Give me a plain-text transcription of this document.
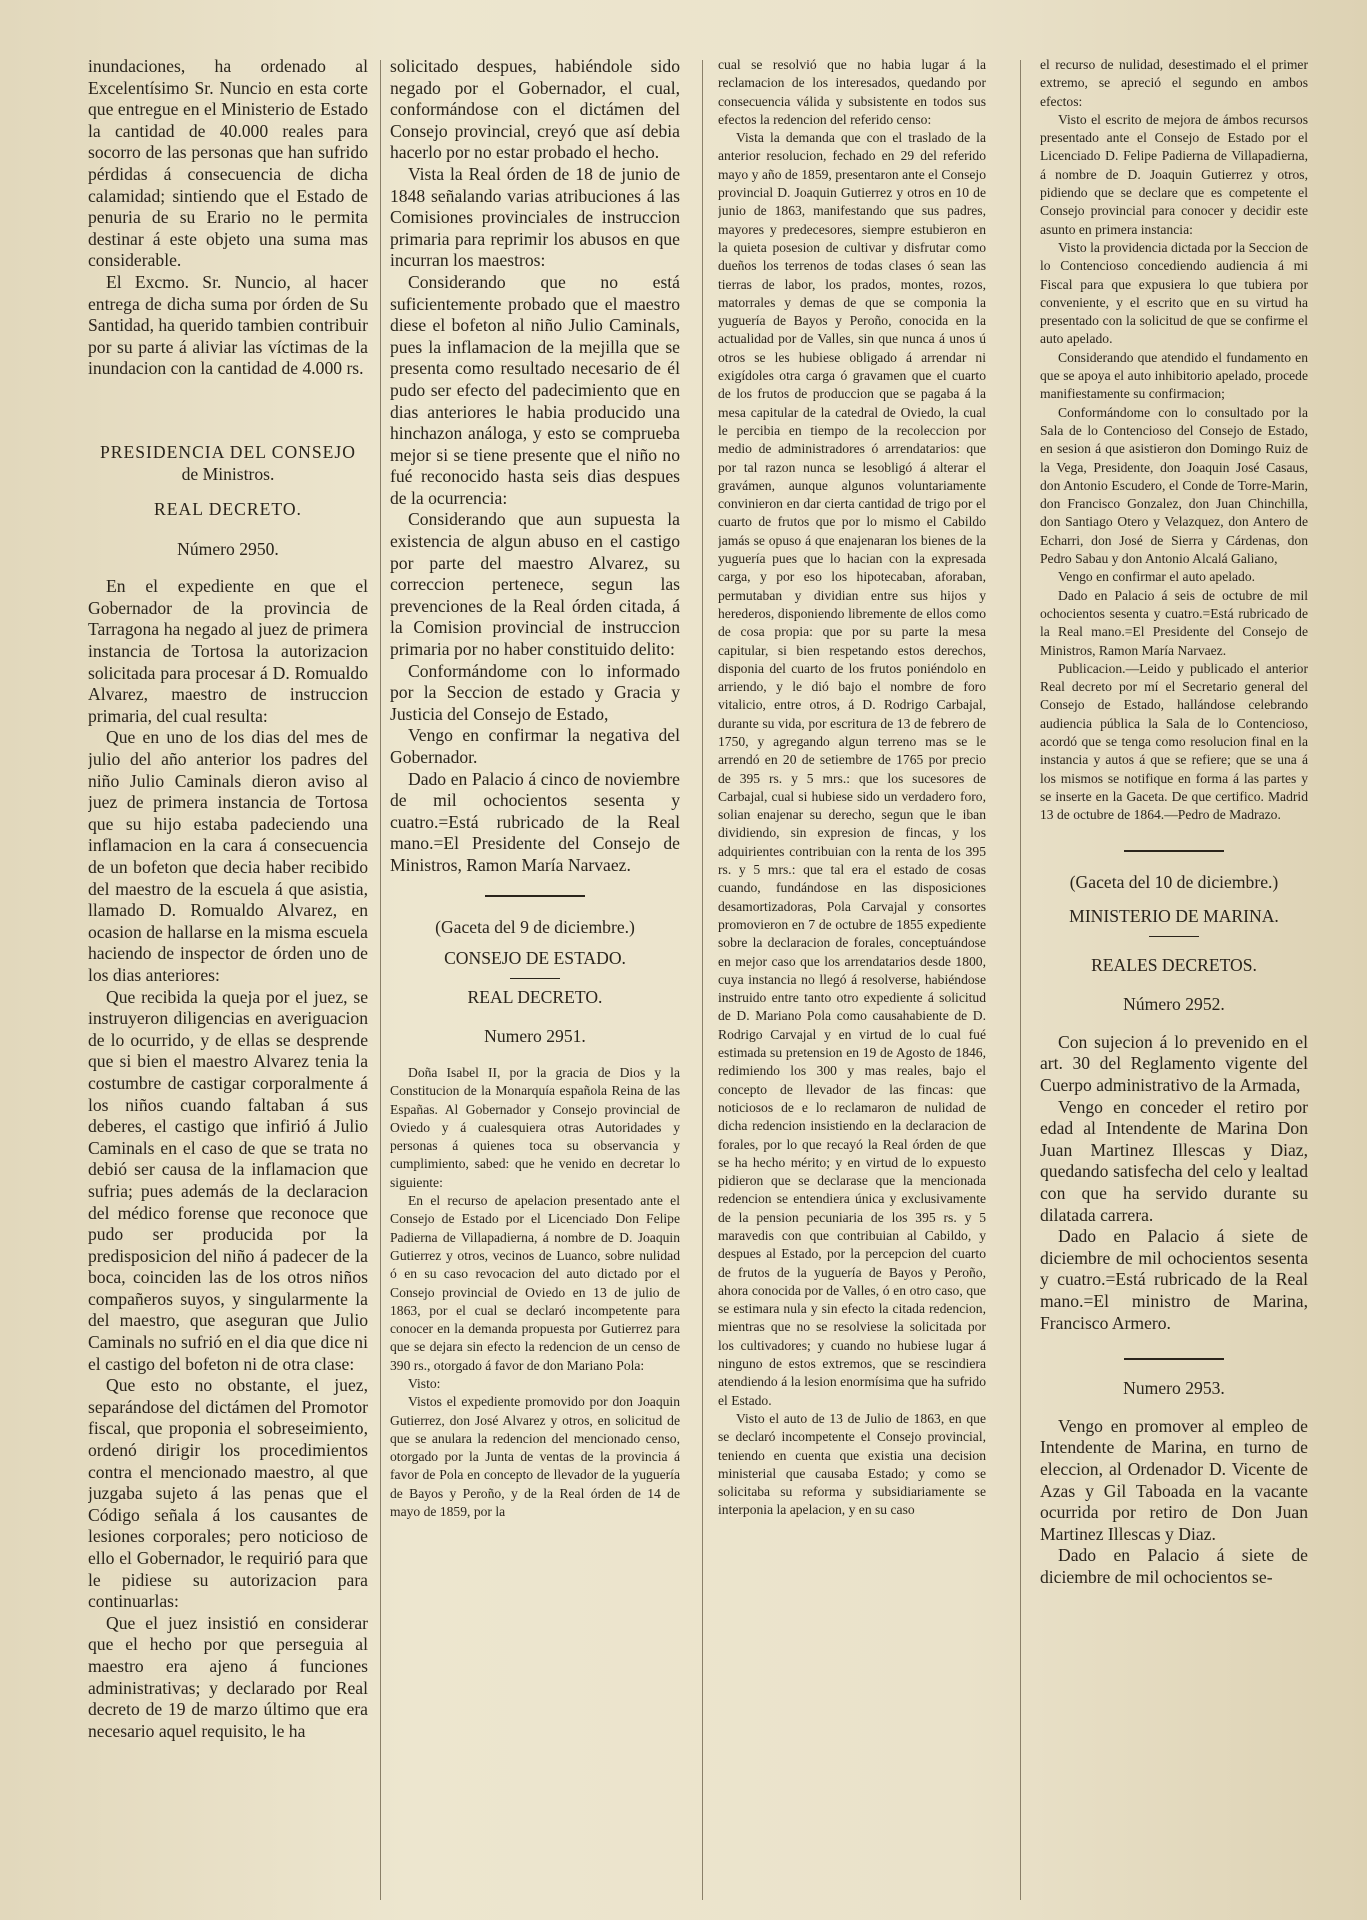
inundaciones, ha ordenado al Excelentísimo Sr. Nuncio en esta corte que entregue en el Ministerio de Estado la cantidad de 40.000 reales para socorro de las personas que han sufrido pérdidas á consecuencia de dicha calamidad; sintiendo que el Estado de penuria de su Erario no le permita destinar á este objeto una suma mas considerable.

El Excmo. Sr. Nuncio, al hacer entrega de dicha suma por órden de Su Santidad, ha querido tambien contribuir por su parte á aliviar las víctimas de la inundacion con la cantidad de 4.000 rs.

PRESIDENCIA DEL CONSEJO
de Ministros.
REAL DECRETO.
Número 2950.

En el expediente en que el Gobernador de la provincia de Tarragona ha negado al juez de primera instancia de Tortosa la autorizacion solicitada para procesar á D. Romualdo Alvarez, maestro de instruccion primaria, del cual resulta:

Que en uno de los dias del mes de julio del año anterior los padres del niño Julio Caminals dieron aviso al juez de primera instancia de Tortosa que su hijo estaba padeciendo una inflamacion en la cara á consecuencia de un bofeton que decia haber recibido del maestro de la escuela á que asistia, llamado D. Romualdo Alvarez, en ocasion de hallarse en la misma escuela haciendo de inspector de órden uno de los dias anteriores:

Que recibida la queja por el juez, se instruyeron diligencias en averiguacion de lo ocurrido, y de ellas se desprende que si bien el maestro Alvarez tenia la costumbre de castigar corporalmente á los niños cuando faltaban á sus deberes, el castigo que infirió á Julio Caminals en el caso de que se trata no debió ser causa de la inflamacion que sufria; pues además de la declaracion del médico forense que reconoce que pudo ser producida por la predisposicion del niño á padecer de la boca, coinciden las de los otros niños compañeros suyos, y singularmente la del maestro, que aseguran que Julio Caminals no sufrió en el dia que dice ni el castigo del bofeton ni de otra clase:

Que esto no obstante, el juez, separándose del dictámen del Promotor fiscal, que proponia el sobreseimiento, ordenó dirigir los procedimientos contra el mencionado maestro, al que juzgaba sujeto á las penas que el Código señala á los causantes de lesiones corporales; pero noticioso de ello el Gobernador, le requirió para que le pidiese su autorizacion para continuarlas:

Que el juez insistió en considerar que el hecho por que perseguia al maestro era ajeno á funciones administrativas; y declarado por Real decreto de 19 de marzo último que era necesario aquel requisito, le ha

solicitado despues, habiéndole sido negado por el Gobernador, el cual, conformándose con el dictámen del Consejo provincial, creyó que así debia hacerlo por no estar probado el hecho.

Vista la Real órden de 18 de junio de 1848 señalando varias atribuciones á las Comisiones provinciales de instruccion primaria para reprimir los abusos en que incurran los maestros:

Considerando que no está suficientemente probado que el maestro diese el bofeton al niño Julio Caminals, pues la inflamacion de la mejilla que se presenta como resultado necesario de él pudo ser efecto del padecimiento que en dias anteriores le habia producido una hinchazon análoga, y esto se comprueba mejor si se tiene presente que el niño no fué reconocido hasta seis dias despues de la ocurrencia:

Considerando que aun supuesta la existencia de algun abuso en el castigo por parte del maestro Alvarez, su correccion pertenece, segun las prevenciones de la Real órden citada, á la Comision provincial de instruccion primaria por no haber constituido delito:

Conformándome con lo informado por la Seccion de estado y Gracia y Justicia del Consejo de Estado,

Vengo en confirmar la negativa del Gobernador.

Dado en Palacio á cinco de noviembre de mil ochocientos sesenta y cuatro.=Está rubricado de la Real mano.=El Presidente del Consejo de Ministros, Ramon María Narvaez.

(Gaceta del 9 de diciembre.)
CONSEJO DE ESTADO.
REAL DECRETO.
Numero 2951.

Doña Isabel II, por la gracia de Dios y la Constitucion de la Monarquía española Reina de las Españas. Al Gobernador y Consejo provincial de Oviedo y á cualesquiera otras Autoridades y personas á quienes toca su observancia y cumplimiento, sabed: que he venido en decretar lo siguiente:

En el recurso de apelacion presentado ante el Consejo de Estado por el Licenciado Don Felipe Padierna de Villapadierna, á nombre de D. Joaquin Gutierrez y otros, vecinos de Luanco, sobre nulidad ó en su caso revocacion del auto dictado por el Consejo provincial de Oviedo en 13 de julio de 1863, por el cual se declaró incompetente para conocer en la demanda propuesta por Gutierrez para que se dejara sin efecto la redencion de un censo de 390 rs., otorgado á favor de don Mariano Pola:

Visto:

Vistos el expediente promovido por don Joaquin Gutierrez, don José Alvarez y otros, en solicitud de que se anulara la redencion del mencionado censo, otorgado por la Junta de ventas de la provincia á favor de Pola en concepto de llevador de la yuguería de Bayos y Peroño, y de la Real órden de 14 de mayo de 1859, por la

cual se resolvió que no habia lugar á la reclamacion de los interesados, quedando por consecuencia válida y subsistente en todos sus efectos la redencion del referido censo:

Vista la demanda que con el traslado de la anterior resolucion, fechado en 29 del referido mayo y año de 1859, presentaron ante el Consejo provincial D. Joaquin Gutierrez y otros en 10 de junio de 1863, manifestando que sus padres, mayores y predecesores, siempre estubieron en la quieta posesion de cultivar y disfrutar como dueños los terrenos de todas clases ó sean las tierras de labor, los prados, montes, rozos, matorrales y demas de que se componia la yuguería de Bayos y Peroño, conocida en la actualidad por de Valles, sin que nunca á unos ú otros se les hubiese obligado á arrendar ni exigídoles otra carga ó gravamen que el cuarto de los frutos de produccion que se pagaba á la mesa capitular de la catedral de Oviedo, la cual le percibia en tiempo de la recoleccion por medio de administradores ó arrendatarios: que por tal razon nunca se lesobligó á alterar el gravámen, aunque algunos voluntariamente convinieron en dar cierta cantidad de trigo por el cuarto de frutos que por lo mismo el Cabildo jamás se opuso á que enajenaran los bienes de la yuguería pues que lo hacian con la expresada carga, y por eso los hipotecaban, aforaban, permutaban y dividian entre sus hijos y herederos, disponiendo libremente de ellos como de cosa propia: que por su parte la mesa capitular, si bien respetando estos derechos, disponia del cuarto de los frutos poniéndolo en arriendo, y le dió bajo el nombre de foro vitalicio, entre otros, á D. Rodrigo Carbajal, durante su vida, por escritura de 13 de febrero de 1750, y agregando algun terreno mas se le arrendó en 20 de setiembre de 1765 por precio de 395 rs. y 5 mrs.: que los sucesores de Carbajal, cual si hubiese sido un verdadero foro, solian enajenar su derecho, segun que le iban dividiendo, sin expresion de fincas, y los adquirientes contribuian con la renta de los 395 rs. y 5 mrs.: que tal era el estado de cosas cuando, fundándose en las disposiciones desamortizadoras, Pola Carvajal y consortes promovieron en 7 de octubre de 1855 expediente sobre la declaracion de forales, conceptuándose en mejor caso que los arrendatarios desde 1800, cuya instancia no llegó á resolverse, habiéndose instruido entre tanto otro expediente á solicitud de D. Mariano Pola como causahabiente de D. Rodrigo Carvajal y en virtud de lo cual fué estimada su pretension en 19 de Agosto de 1846, redimiendo los 300 y mas reales, bajo el concepto de llevador de las fincas: que noticiosos de e lo reclamaron de nulidad de dicha redencion insistiendo en la declaracion de forales, por lo que recayó la Real órden de que se ha hecho mérito; y en virtud de lo expuesto pidieron que se declarase que la mencionada redencion se entendiera única y exclusivamente de la pension pecuniaria de los 395 rs. y 5 maravedis con que contribuian al Cabildo, y despues al Estado, por la percepcion del cuarto de frutos de la yuguería de Bayos y Peroño, ahora conocida por de Valles, ó en otro caso, que se estimara nula y sin efecto la citada redencion, mientras que no se resolviese la solicitada por los cultivadores; y cuando no hubiese lugar á ninguno de estos extremos, que se rescindiera atendiendo á la lesion enormísima que ha sufrido el Estado.

Visto el auto de 13 de Julio de 1863, en que se declaró incompetente el Consejo provincial, teniendo en cuenta que existia una decision ministerial que causaba Estado; y como se solicitaba su reforma y subsidiariamente se interponia la apelacion, y en su caso

el recurso de nulidad, desestimado el el primer extremo, se apreció el segundo en ambos efectos:

Visto el escrito de mejora de ámbos recursos presentado ante el Consejo de Estado por el Licenciado D. Felipe Padierna de Villapadierna, á nombre de D. Joaquin Gutierrez y otros, pidiendo que se declare que es competente el Consejo provincial para conocer y decidir este asunto en primera instancia:

Visto la providencia dictada por la Seccion de lo Contencioso concediendo audiencia á mi Fiscal para que expusiera lo que tubiera por conveniente, y el escrito que en su virtud ha presentado con la solicitud de que se confirme el auto apelado.

Considerando que atendido el fundamento en que se apoya el auto inhibitorio apelado, procede manifiestamente su confirmacion;

Conformándome con lo consultado por la Sala de lo Contencioso del Consejo de Estado, en sesion á que asistieron don Domingo Ruiz de la Vega, Presidente, don Joaquin José Casaus, don Antonio Escudero, el Conde de Torre-Marin, don Francisco Gonzalez, don Juan Chinchilla, don Santiago Otero y Velazquez, don Antero de Echarri, don José de Sierra y Cárdenas, don Pedro Sabau y don Antonio Alcalá Galiano,

Vengo en confirmar el auto apelado.

Dado en Palacio á seis de octubre de mil ochocientos sesenta y cuatro.=Está rubricado de la Real mano.=El Presidente del Consejo de Ministros, Ramon María Narvaez.

Publicacion.—Leido y publicado el anterior Real decreto por mí el Secretario general del Consejo de Estado, hallándose celebrando audiencia pública la Sala de lo Contencioso, acordó que se tenga como resolucion final en la instancia y autos á que se refiere; que se una á los mismos se notifique en forma á las partes y se inserte en la Gaceta. De que certifico. Madrid 13 de octubre de 1864.—Pedro de Madrazo.

(Gaceta del 10 de diciembre.)
MINISTERIO DE MARINA.
REALES DECRETOS.
Número 2952.

Con sujecion á lo prevenido en el art. 30 del Reglamento vigente del Cuerpo administrativo de la Armada,

Vengo en conceder el retiro por edad al Intendente de Marina Don Juan Martinez Illescas y Diaz, quedando satisfecha del celo y lealtad con que ha servido durante su dilatada carrera.

Dado en Palacio á siete de diciembre de mil ochocientos sesenta y cuatro.=Está rubricado de la Real mano.=El ministro de Marina, Francisco Armero.

Numero 2953.

Vengo en promover al empleo de Intendente de Marina, en turno de eleccion, al Ordenador D. Vicente de Azas y Gil Taboada en la vacante ocurrida por retiro de Don Juan Martinez Illescas y Diaz.

Dado en Palacio á siete de diciembre de mil ochocientos se-
